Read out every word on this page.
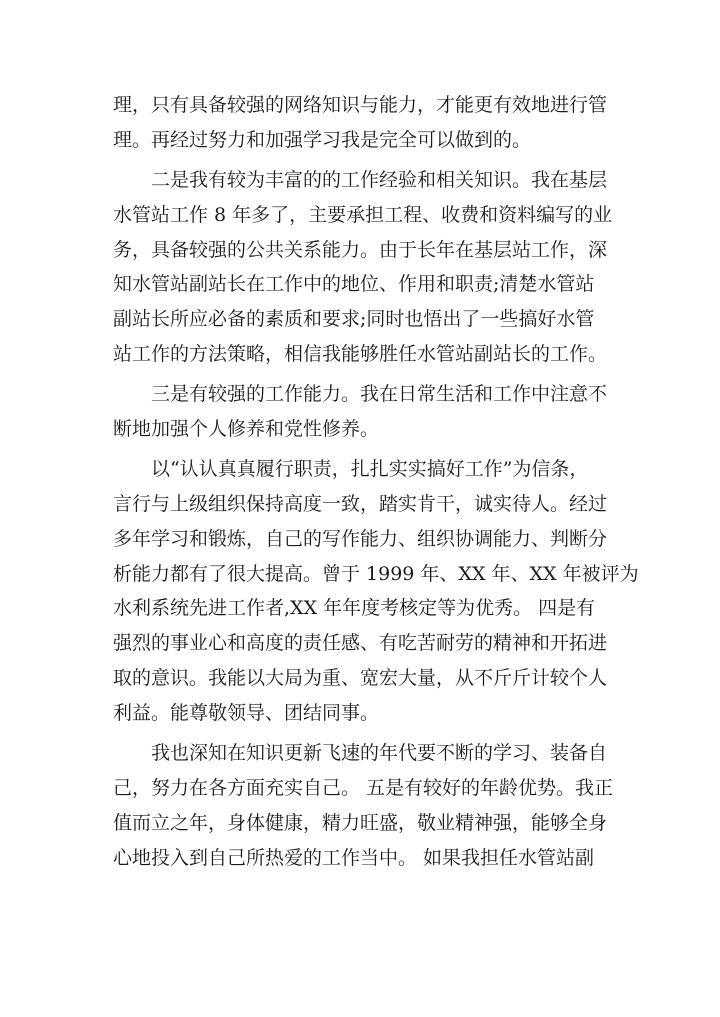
理，只有具备较强的网络知识与能力，才能更有效地进行管
理。再经过努力和加强学习我是完全可以做到的。
二是我有较为丰富的的工作经验和相关知识。我在基层
水管站工作 8 年多了，主要承担工程、收费和资料编写的业
务，具备较强的公共关系能力。由于长年在基层站工作，深
知水管站副站长在工作中的地位、作用和职责;清楚水管站
副站长所应必备的素质和要求;同时也悟出了一些搞好水管
站工作的方法策略，相信我能够胜任水管站副站长的工作。
三是有较强的工作能力。我在日常生活和工作中注意不
断地加强个人修养和党性修养。
以“认认真真履行职责，扎扎实实搞好工作”为信条，
言行与上级组织保持高度一致，踏实肯干，诚实待人。经过
多年学习和锻炼，自己的写作能力、组织协调能力、判断分
析能力都有了很大提高。曾于 1999 年、XX 年、XX 年被评为
水利系统先进工作者,XX 年年度考核定等为优秀。 四是有
强烈的事业心和高度的责任感、有吃苦耐劳的精神和开拓进
取的意识。我能以大局为重、宽宏大量，从不斤斤计较个人
利益。能尊敬领导、团结同事。
我也深知在知识更新飞速的年代要不断的学习、装备自
己，努力在各方面充实自己。 五是有较好的年龄优势。我正
值而立之年，身体健康，精力旺盛，敬业精神强，能够全身
心地投入到自己所热爱的工作当中。 如果我担任水管站副
